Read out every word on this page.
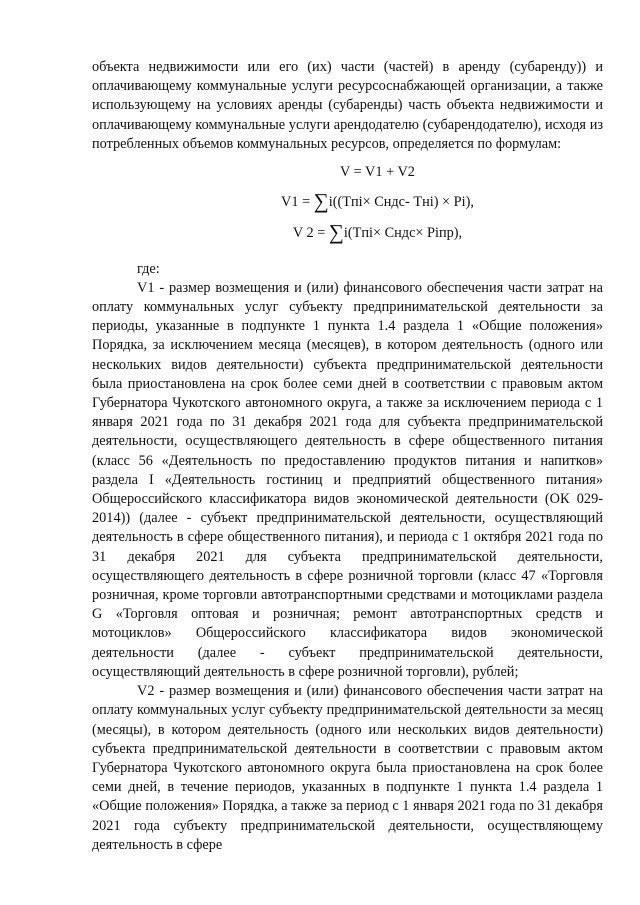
объекта недвижимости или его (их) части (частей) в аренду (субаренду)) и оплачивающему коммунальные услуги ресурсоснабжающей организации, а также использующему на условиях аренды (субаренды) часть объекта недвижимости и оплачивающему коммунальные услуги арендодателю (субарендодателю), исходя из потребленных объемов коммунальных ресурсов, определяется по формулам:

V = V1 + V2

V1 = ∑i((Tпi× Cндс- Tнi) × Pi),

V 2 = ∑i(Tпi× Cндс× Piпр),

где:

V1 - размер возмещения и (или) финансового обеспечения части затрат на оплату коммунальных услуг субъекту предпринимательской деятельности за периоды, указанные в подпункте 1 пункта 1.4 раздела 1 «Общие положения» Порядка, за исключением месяца (месяцев), в котором деятельность (одного или нескольких видов деятельности) субъекта предпринимательской деятельности была приостановлена на срок более семи дней в соответствии с правовым актом Губернатора Чукотского автономного округа, а также за исключением периода с 1 января 2021 года по 31 декабря 2021 года для субъекта предпринимательской деятельности, осуществляющего деятельность в сфере общественного питания (класс 56 «Деятельность по предоставлению продуктов питания и напитков» раздела I «Деятельность гостиниц и предприятий общественного питания» Общероссийского классификатора видов экономической деятельности (ОК 029-2014)) (далее - субъект предпринимательской деятельности, осуществляющий деятельность в сфере общественного питания), и периода с 1 октября 2021 года по 31 декабря 2021 для субъекта предпринимательской деятельности, осуществляющего деятельность в сфере розничной торговли (класс 47 «Торговля розничная, кроме торговли автотранспортными средствами и мотоциклами раздела G «Торговля оптовая и розничная; ремонт автотранспортных средств и мотоциклов» Общероссийского классификатора видов экономической деятельности (далее - субъект предпринимательской деятельности, осуществляющий деятельность в сфере розничной торговли), рублей;

V2 - размер возмещения и (или) финансового обеспечения части затрат на оплату коммунальных услуг субъекту предпринимательской деятельности за месяц (месяцы), в котором деятельность (одного или нескольких видов деятельности) субъекта предпринимательской деятельности в соответствии с правовым актом Губернатора Чукотского автономного округа была приостановлена на срок более семи дней, в течение периодов, указанных в подпункте 1 пункта 1.4 раздела 1 «Общие положения» Порядка, а также за период с 1 января 2021 года по 31 декабря 2021 года субъекту предпринимательской деятельности, осуществляющему деятельность в сфере
